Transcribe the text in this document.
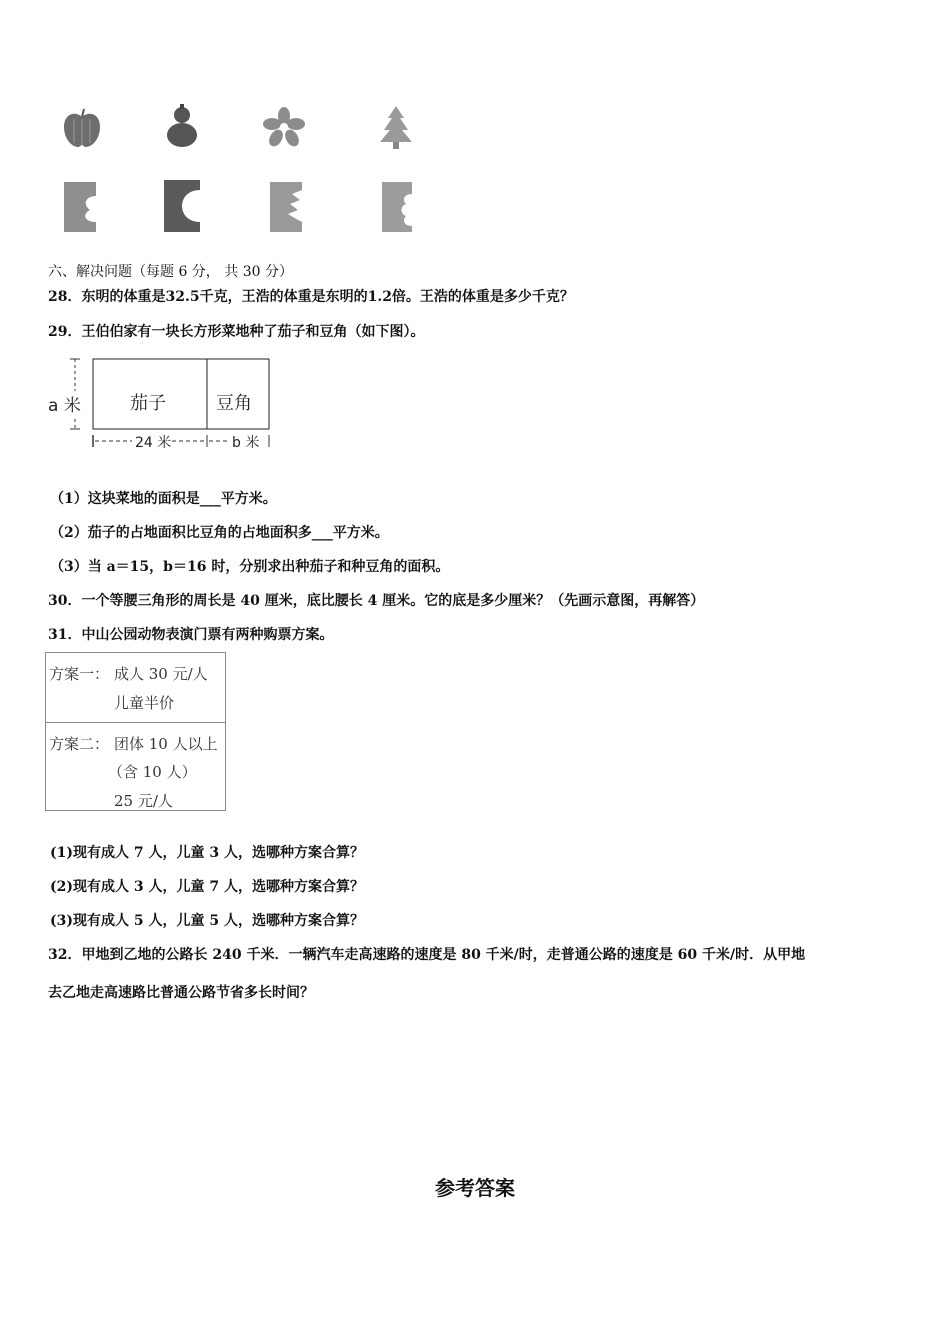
六、解决问题（每题 6 分， 共 30 分）
28．东明的体重是32.5千克，王浩的体重是东明的1.2倍。王浩的体重是多少千克？
29．王伯伯家有一块长方形菜地种了茄子和豆角（如下图）。
a 米	茄子	豆角
24 米	b 米
（1）这块菜地的面积是___平方米。
（2）茄子的占地面积比豆角的占地面积多___平方米。
（3）当 a＝15，b＝16 时，分别求出种茄子和种豆角的面积。
30．一个等腰三角形的周长是 40 厘米，底比腰长 4 厘米。它的底是多少厘米？（先画示意图，再解答）
31．中山公园动物表演门票有两种购票方案。
方案一： 成人 30 元/人
儿童半价
方案二： 团体 10 人以上
（含 10 人）
25 元/人
(1)现有成人 7 人，儿童 3 人，选哪种方案合算？
(2)现有成人 3 人，儿童 7 人，选哪种方案合算？
(3)现有成人 5 人，儿童 5 人，选哪种方案合算？
32．甲地到乙地的公路长 240 千米．一辆汽车走高速路的速度是 80 千米/时，走普通公路的速度是 60 千米/时．从甲地
去乙地走高速路比普通公路节省多长时间？
参考答案
